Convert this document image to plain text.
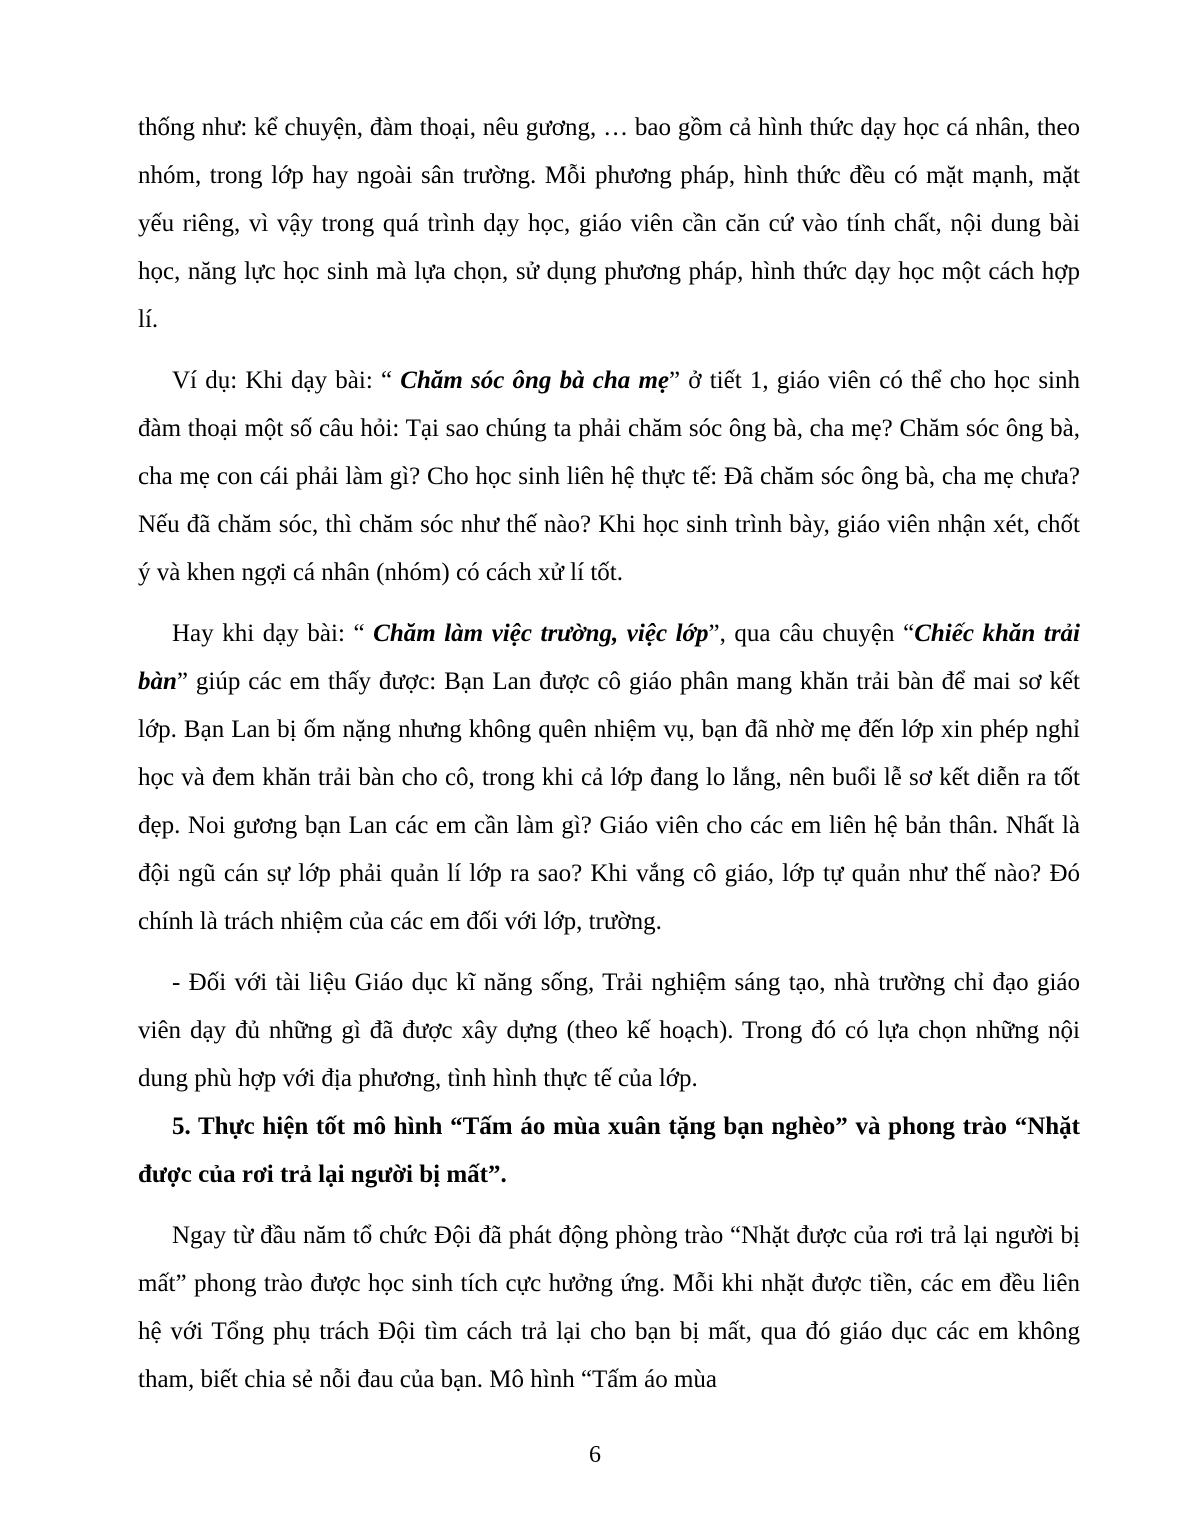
thống như: kể chuyện, đàm thoại, nêu gương, … bao gồm cả hình thức dạy học cá nhân, theo nhóm, trong lớp hay ngoài sân trường. Mỗi phương pháp, hình thức đều có mặt mạnh, mặt yếu riêng, vì vậy trong quá trình dạy học, giáo viên cần căn cứ vào tính chất, nội dung bài học, năng lực học sinh mà lựa chọn, sử dụng phương pháp, hình thức dạy học một cách hợp lí.

Ví dụ: Khi dạy bài: “ Chăm sóc ông bà cha mẹ” ở tiết 1, giáo viên có thể cho học sinh đàm thoại một số câu hỏi: Tại sao chúng ta phải chăm sóc ông bà, cha mẹ? Chăm sóc ông bà, cha mẹ con cái phải làm gì? Cho học sinh liên hệ thực tế: Đã chăm sóc ông bà, cha mẹ chưa? Nếu đã chăm sóc, thì chăm sóc như thế nào? Khi học sinh trình bày, giáo viên nhận xét, chốt ý và khen ngợi cá nhân (nhóm) có cách xử lí tốt.

Hay khi dạy bài: “ Chăm làm việc trường, việc lớp”, qua câu chuyện “Chiếc khăn trải bàn” giúp các em thấy được: Bạn Lan được cô giáo phân mang khăn trải bàn để mai sơ kết lớp. Bạn Lan bị ốm nặng nhưng không quên nhiệm vụ, bạn đã nhờ mẹ đến lớp xin phép nghỉ học và đem khăn trải bàn cho cô, trong khi cả lớp đang lo lắng, nên buổi lễ sơ kết diễn ra tốt đẹp. Noi gương bạn Lan các em cần làm gì? Giáo viên cho các em liên hệ bản thân. Nhất là đội ngũ cán sự lớp phải quản lí lớp ra sao? Khi vắng cô giáo, lớp tự quản như thế nào? Đó chính là trách nhiệm của các em đối với lớp, trường.

- Đối với tài liệu Giáo dục kĩ năng sống, Trải nghiệm sáng tạo, nhà trường chỉ đạo giáo viên dạy đủ những gì đã được xây dựng (theo kế hoạch). Trong đó có lựa chọn những nội dung phù hợp với địa phương, tình hình thực tế của lớp.

5. Thực hiện tốt mô hình “Tấm áo mùa xuân tặng bạn nghèo” và phong trào “Nhặt được của rơi trả lại người bị mất”.

Ngay từ đầu năm tổ chức Đội đã phát động phòng trào “Nhặt được của rơi trả lại người bị mất” phong trào được học sinh tích cực hưởng ứng. Mỗi khi nhặt được tiền, các em đều liên hệ với Tổng phụ trách Đội tìm cách trả lại cho bạn bị mất, qua đó giáo dục các em không tham, biết chia sẻ nỗi đau của bạn. Mô hình “Tấm áo mùa

6
